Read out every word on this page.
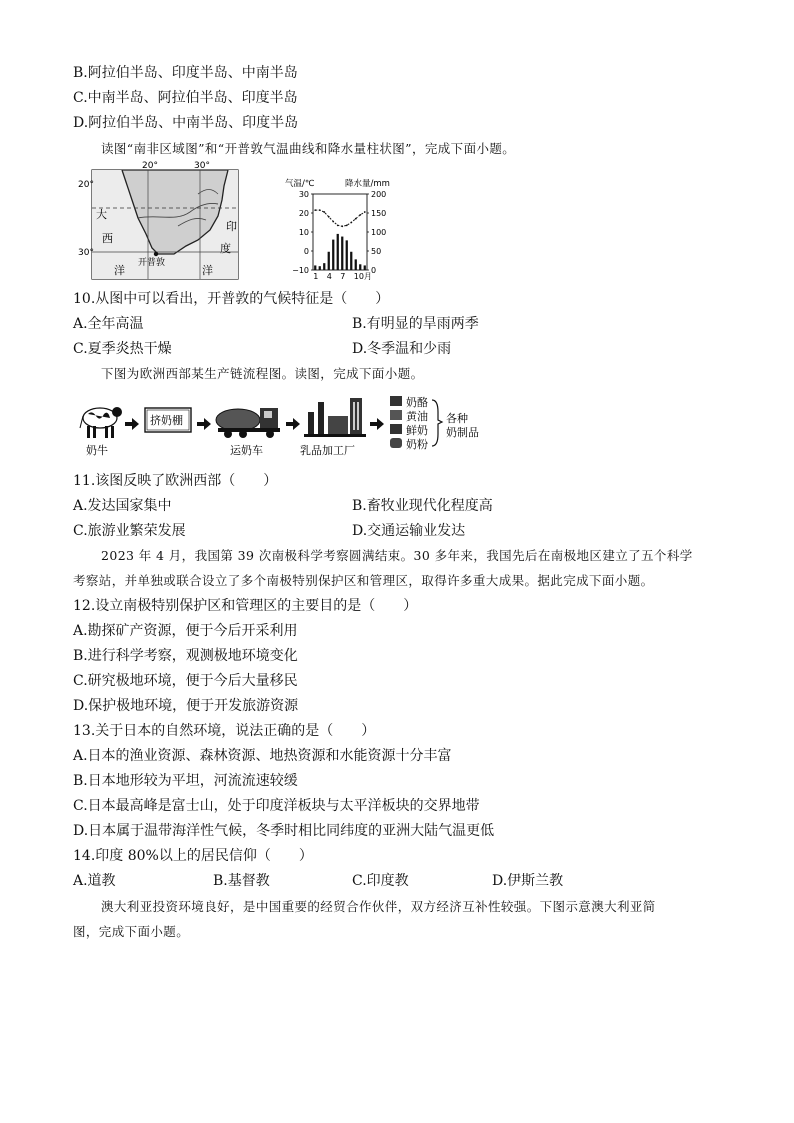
B.阿拉伯半岛、印度半岛、中南半岛
C.中南半岛、阿拉伯半岛、印度半岛
D.阿拉伯半岛、中南半岛、印度半岛
读图“南非区域图”和“开普敦气温曲线和降水量柱状图”，完成下面小题。
20°	30°
20°
30°
大
西
洋
印
度
洋
开普敦
气温/℃	降水量/mm
30
20
10
0
−10
200
150
100
50
0
1 4 7 10月
10.从图中可以看出，开普敦的气候特征是（　　）
A.全年高温	B.有明显的旱雨两季
C.夏季炎热干燥	D.冬季温和少雨
下图为欧洲西部某生产链流程图。读图，完成下面小题。
奶牛
挤奶棚
运奶车	乳品加工厂
奶酪
黄油
鲜奶
奶粉
各种
奶制品
11.该图反映了欧洲西部（　　）
A.发达国家集中	B.畜牧业现代化程度高
C.旅游业繁荣发展	D.交通运输业发达
2023 年 4 月，我国第 39 次南极科学考察圆满结束。30 多年来，我国先后在南极地区建立了五个科学
考察站，并单独或联合设立了多个南极特别保护区和管理区，取得许多重大成果。据此完成下面小题。
12.设立南极特别保护区和管理区的主要目的是（　　）
A.勘探矿产资源，便于今后开采利用
B.进行科学考察，观测极地环境变化
C.研究极地环境，便于今后大量移民
D.保护极地环境，便于开发旅游资源
13.关于日本的自然环境，说法正确的是（　　）
A.日本的渔业资源、森林资源、地热资源和水能资源十分丰富
B.日本地形较为平坦，河流流速较缓
C.日本最高峰是富士山，处于印度洋板块与太平洋板块的交界地带
D.日本属于温带海洋性气候，冬季时相比同纬度的亚洲大陆气温更低
14.印度 80%以上的居民信仰（　　）
A.道教	B.基督教	C.印度教	D.伊斯兰教
澳大利亚投资环境良好，是中国重要的经贸合作伙伴，双方经济互补性较强。下图示意澳大利亚简
图，完成下面小题。
